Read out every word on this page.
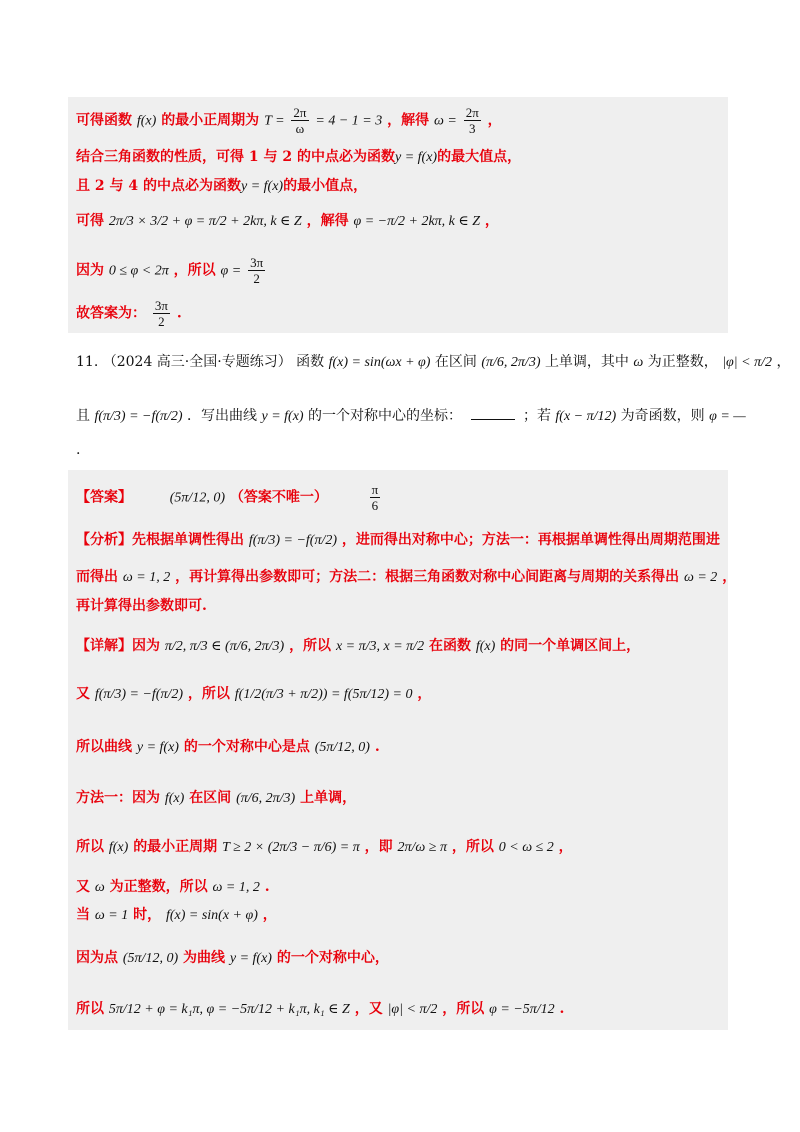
可得函数 f(x) 的最小正周期为 $T = \frac{2\pi}{\omega} = 4 - 1 = 3$ ，解得 $\omega = \frac{2\pi}{3}$ ，
结合三角函数的性质，可得 1 与 2 的中点必为函数y = f(x)的最大值点，
且 2 与 4 的中点必为函数y = f(x)的最小值点，
可得 2π/3 × 3/2 + φ = π/2 + 2kπ, k ∈ Z ，解得 φ = −π/2 + 2kπ, k ∈ Z ，
因为 0 ≤ φ < 2π ，所以 $\varphi = \frac{3\pi}{2}$
故答案为： $\frac{3\pi}{2}$ .
11. （2024 高三·全国·专题练习） 函数 f(x) = sin(ωx + φ) 在区间 (π/6, 2π/3) 上单调，其中 ω 为正整数， |φ| < π/2 ，
且 f(π/3) = −f(π/2) ．写出曲线 y = f(x) 的一个对称中心的坐标：	；若 f(x − π/12) 为奇函数，则 φ = —
.
【答案】	(5π/12, 0) （答案不唯一）	$\frac{\pi}{6}$
【分析】先根据单调性得出 f(π/3) = −f(π/2) ，进而得出对称中心；方法一：再根据单调性得出周期范围进
而得出 ω = 1, 2 ，再计算得出参数即可；方法二：根据三角函数对称中心间距离与周期的关系得出 ω = 2 ，
再计算得出参数即可.
【详解】因为 π/2, π/3 ∈ (π/6, 2π/3) ，所以 x = π/3, x = π/2 在函数 f(x) 的同一个单调区间上，
又 f(π/3) = −f(π/2) ，所以 f(1/2(π/3 + π/2)) = f(5π/12) = 0 ，
所以曲线 y = f(x) 的一个对称中心是点 (5π/12, 0) .
方法一：因为 f(x) 在区间 (π/6, 2π/3) 上单调，
所以 f(x) 的最小正周期 T ≥ 2 × (2π/3 − π/6) = π ，即 2π/ω ≥ π ，所以 0 < ω ≤ 2 ，
又 ω 为正整数，所以 ω = 1, 2 .
当 ω = 1 时， f(x) = sin(x + φ) ，
因为点 (5π/12, 0) 为曲线 y = f(x) 的一个对称中心，
所以 5π/12 + φ = k₁π, φ = −5π/12 + k₁π, k₁ ∈ Z ，又 |φ| < π/2 ，所以 φ = −5π/12 .
